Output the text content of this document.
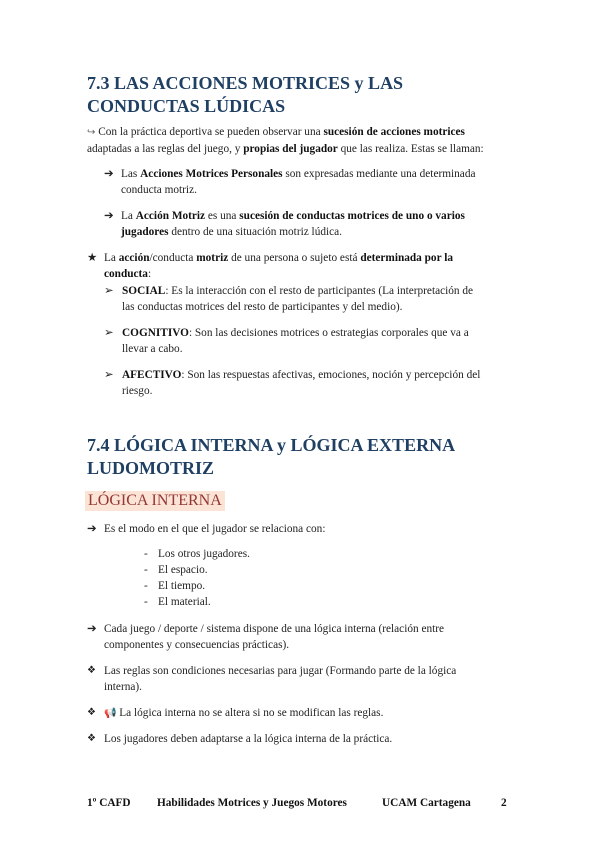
7.3 LAS ACCIONES MOTRICES y LAS
CONDUCTAS LÚDICAS
↪ Con la práctica deportiva se pueden observar una sucesión de acciones motrices
adaptadas a las reglas del juego, y propias del jugador que las realiza. Estas se llaman:
➔ Las Acciones Motrices Personales son expresadas mediante una determinada
conducta motriz.
➔ La Acción Motriz es una sucesión de conductas motrices de uno o varios
jugadores dentro de una situación motriz lúdica.
★ La acción/conducta motriz de una persona o sujeto está determinada por la
conducta:
➢ SOCIAL: Es la interacción con el resto de participantes (La interpretación de
las conductas motrices del resto de participantes y del medio).
➢ COGNITIVO: Son las decisiones motrices o estrategias corporales que va a
llevar a cabo.
➢ AFECTIVO: Son las respuestas afectivas, emociones, noción y percepción del
riesgo.
7.4 LÓGICA INTERNA y LÓGICA EXTERNA
LUDOMOTRIZ
LÓGICA INTERNA
➔ Es el modo en el que el jugador se relaciona con:
- Los otros jugadores.
- El espacio.
- El tiempo.
- El material.
➔ Cada juego / deporte / sistema dispone de una lógica interna (relación entre
componentes y consecuencias prácticas).
❖ Las reglas son condiciones necesarias para jugar (Formando parte de la lógica
interna).
❖ 📢 La lógica interna no se altera si no se modifican las reglas.
❖ Los jugadores deben adaptarse a la lógica interna de la práctica.
1º CAFD Habilidades Motrices y Juegos Motores	UCAM Cartagena	2
